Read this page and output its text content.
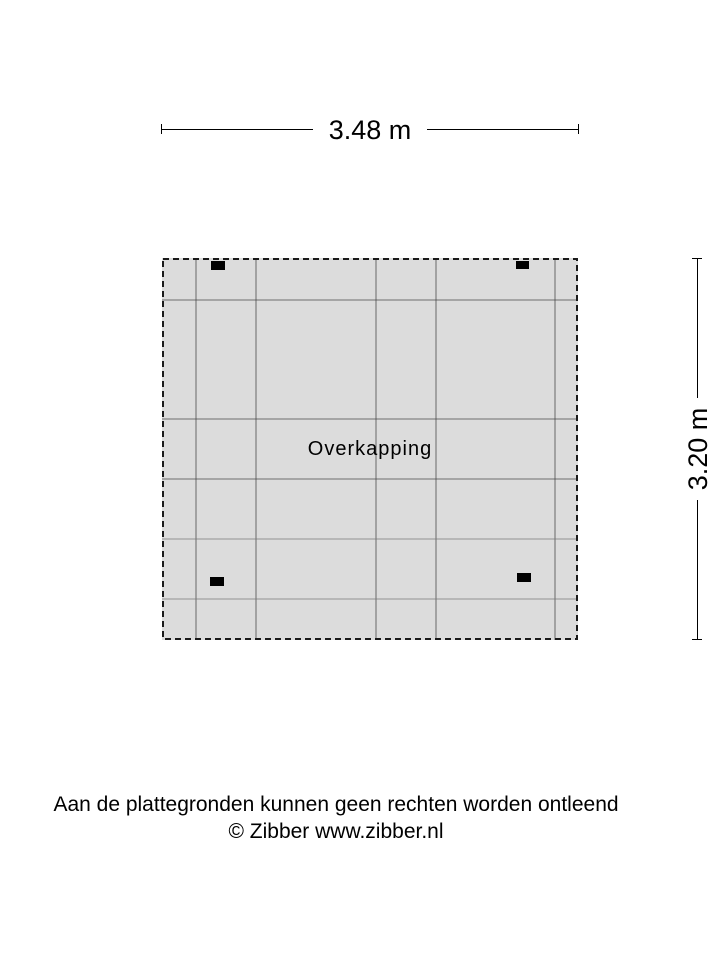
3.48 m
3.20 m
Overkapping
Aan de plattegronden kunnen geen rechten worden ontleend
© Zibber www.zibber.nl
